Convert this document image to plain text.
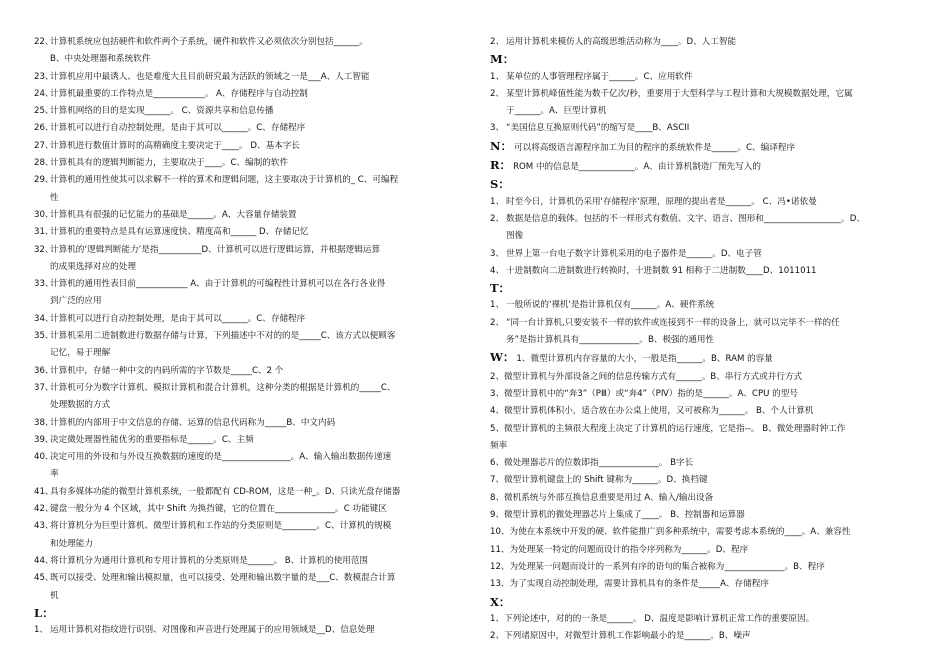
22、
计算机系统应包括硬件和软件两个子系统，硬件和软件又必须依次分别包括______。
B、中央处理器和系统软件
23、
计算机应用中最诱人、也是难度大且目前研究最为活跃的领域之一是___A、人工智能
24、
计算机最重要的工作特点是____________。 A、存储程序与自动控制
25、
计算机网络的目的是实现______。 C、资源共享和信息传播
26、
计算机可以进行自动控制处理，是由于其可以______。C、存储程序
27、
计算机进行数值计算时的高精确度主要决定于____。 D、基本字长
28、
计算机具有的逻辑判断能力，主要取决于____。C、编制的软件
29、
计算机的通用性使其可以求解不一样的算术和逻辑问题，这主要取决于计算机的_ C、可编程
性
30、
计算机具有很强的记忆能力的基础是______。A、大容量存储装置
31、
计算机的重要特点是具有运算速度快、精度高和______ D、存储记忆
32、
计算机的‘逻辑判断能力’是指__________D、计算机可以进行逻辑运算，并根据逻辑运算
的成果选择对应的处理
33、
计算机的通用性表目前____________ A、由于计算机的可编程性计算机可以在各行各业得
到广泛的应用
34、
计算机可以进行自动控制处理，是由于其可以______。C、存储程序
35、
计算机采用二进制数进行数据存储与计算，下列描述中不对的的是_____C、该方式以便顾客
记忆，易于理解
36、
计算机中，存储一种中文的内码所需的字节数是_____C、2 个
37、
计算机可分为数字计算机、模拟计算机和混合计算机，这种分类的根据是计算机的_____C、
处理数据的方式
38、
计算机的内部用于中文信息的存储、运算的信息代码称为_____B、中文内码
39、
决定微处理器性能优劣的重要指标是______。C、主频
40、
决定可用的外设和与外设互换数据的速度的是________________。A、输入输出数据传递速
率
41、
具有多媒体功能的微型计算机系统，一般都配有 CD-ROM，这是一种_。D、只读光盘存储器
42、
键盘一般分为 4 个区域，其中 Shift 为换挡键，它的位置在______________。C 功能键区
43、
将计算机分为巨型计算机、微型计算机和工作站的分类原则是________。C、计算机的规模
和处理能力
44、
将计算机分为通用计算机和专用计算机的分类原则是______。 B、计算机的使用范围
45、
既可以接受、处理和输出模拟量，也可以接受、处理和输出数字量的是___C、数模混合计算
机
L：
1、 运用计算机对指纹进行识别、对图像和声音进行处理属于的应用领域是__D、信息处理
2、 运用计算机来模仿人的高级思维活动称为____。D、人工智能
M：
1、 某单位的人事管理程序属于______。C、应用软件
2、 某型计算机峰值性能为数千亿次/秒，重要用于大型科学与工程计算和大规模数据处理，它属
于______。A、巨型计算机
3、 “美国信息互换原则代码”的缩写是____B、ASCII
N： 可以将高级语言源程序加工为目的程序的系统软件是______。C、编译程序
R： ROM 中的信息是_____________。A、由计算机制造厂预先写入的
S：
1、 时至今日，计算机仍采用'存储程序'原理，原理的提出者是______。 C、冯•诺依曼
2、 数据是信息的载体。包括的不一样形式有数值、文字、语言、图形和__________________。D、
图像
3、 世界上第一台电子数字计算机采用的电子器件是______。D、电子管
4、 十进制数向二进制数进行转换时，十进制数 91 相称于二进制数____D、1011011
T：
1、 一般所说的'裸机'是指计算机仅有______。A、硬件系统
2、 “同一台计算机,只要安装不一样的软件或连接到不一样的设备上，就可以完毕不一样的任
务”是指计算机具有______________。B、极强的通用性
W： 1、微型计算机内存容量的大小，一般是指______。B、RAM 的容量
2、微型计算机与外部设备之间的信息传输方式有______。B、串行方式或并行方式
3、微型计算机中的“奔3”（PⅢ）或“奔4”（PⅣ）指的是______。A、CPU 的型号
4、微型计算机体积小，适合放在办公桌上使用，又可被称为______。 B、个人计算机
5、微型计算机的主频很大程度上决定了计算机的运行速度，它是指--。 B、微处理器时钟工作
频率
6、微处理器芯片的位数即指______________。 B字长
7、微型计算机键盘上的 Shift 键称为______。D、换档键
8、微机系统与外部互换信息重要是用过 A、输入/输出设备
9、微型计算机的微处理器芯片上集成了____。 B、控制器和运算器
10、为使在本系统中开发的硬、软件能推广到多种系统中，需要考虑本系统的____。A、兼容性
11、为处理某一特定的问题而设计的指令序列称为______。D、程序
12、为处理某一问题而设计的一系列有序的语句的集合被称为______________。B、程序
13、为了实现自动控制处理，需要计算机具有的条件是_____A、存储程序
X：
1、下列论述中，对的的一条是______。 D、温度是影响计算机正常工作的重要原因。
2、下列诸原因中，对微型计算机工作影响最小的是______。B、噪声
